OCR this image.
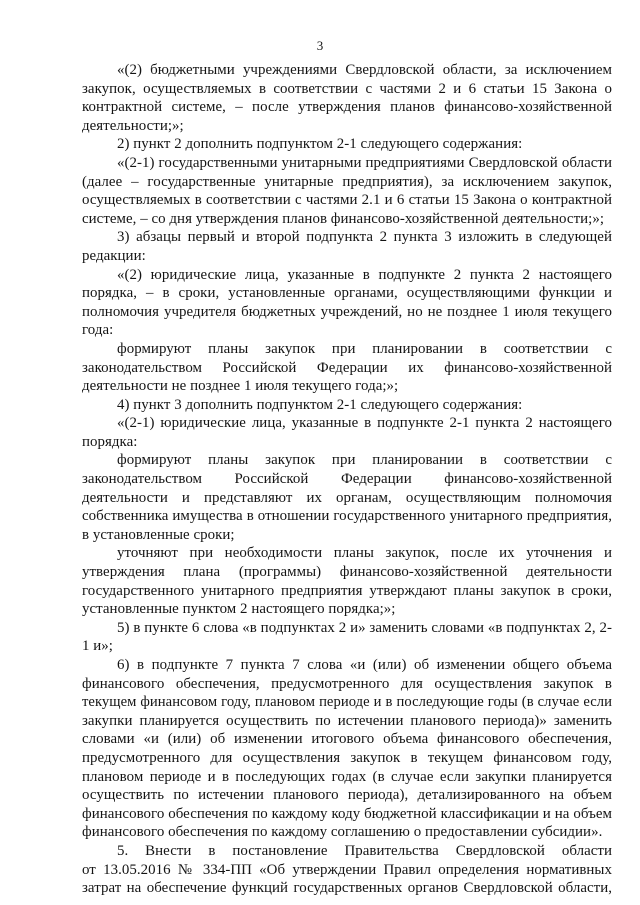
3
«(2) бюджетными учреждениями Свердловской области, за исключением
закупок, осуществляемых в соответствии с частями 2 и 6 статьи 15 Закона о
контрактной системе, – после утверждения планов финансово-хозяйственной
деятельности;»;
2) пункт 2 дополнить подпунктом 2-1 следующего содержания:
«(2-1) государственными унитарными предприятиями Свердловской области
(далее – государственные унитарные предприятия), за исключением закупок,
осуществляемых в соответствии с частями 2.1 и 6 статьи 15 Закона о контрактной
системе, – со дня утверждения планов финансово-хозяйственной деятельности;»;
3) абзацы первый и второй подпункта 2 пункта 3 изложить в следующей
редакции:
«(2) юридические лица, указанные в подпункте 2 пункта 2 настоящего
порядка, – в сроки, установленные органами, осуществляющими функции и
полномочия учредителя бюджетных учреждений, но не позднее 1 июля текущего
года:
формируют планы закупок при планировании в соответствии с
законодательством Российской Федерации их финансово-хозяйственной
деятельности не позднее 1 июля текущего года;»;
4) пункт 3 дополнить подпунктом 2-1 следующего содержания:
«(2-1) юридические лица, указанные в подпункте 2-1 пункта 2 настоящего
порядка:
формируют планы закупок при планировании в соответствии с
законодательством Российской Федерации финансово-хозяйственной
деятельности и представляют их органам, осуществляющим полномочия
собственника имущества в отношении государственного унитарного предприятия,
в установленные сроки;
уточняют при необходимости планы закупок, после их уточнения и
утверждения плана (программы) финансово-хозяйственной деятельности
государственного унитарного предприятия утверждают планы закупок в сроки,
установленные пунктом 2 настоящего порядка;»;
5) в пункте 6 слова «в подпунктах 2 и» заменить словами «в подпунктах 2, 2-
1 и»;
6) в подпункте 7 пункта 7 слова «и (или) об изменении общего объема
финансового обеспечения, предусмотренного для осуществления закупок в
текущем финансовом году, плановом периоде и в последующие годы (в случае если
закупки планируется осуществить по истечении планового периода)» заменить
словами «и (или) об изменении итогового объема финансового обеспечения,
предусмотренного для осуществления закупок в текущем финансовом году,
плановом периоде и в последующих годах (в случае если закупки планируется
осуществить по истечении планового периода), детализированного на объем
финансового обеспечения по каждому коду бюджетной классификации и на объем
финансового обеспечения по каждому соглашению о предоставлении субсидии».
5. Внести в постановление Правительства Свердловской области
от 13.05.2016 № 334-ПП «Об утверждении Правил определения нормативных
затрат на обеспечение функций государственных органов Свердловской области,
